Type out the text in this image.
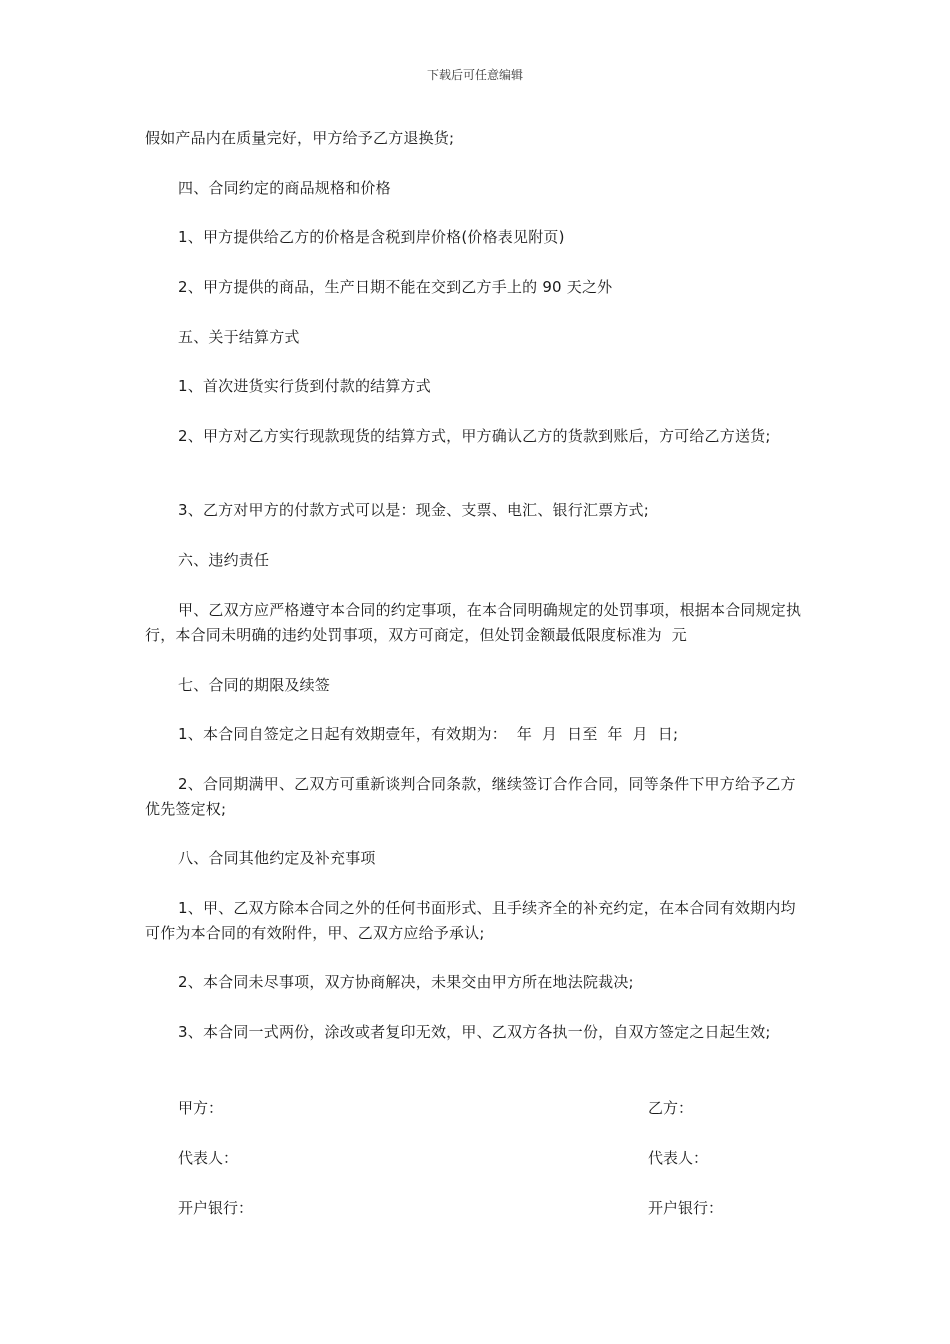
下载后可任意编辑
假如产品内在质量完好，甲方给予乙方退换货;
四、合同约定的商品规格和价格
1、甲方提供给乙方的价格是含税到岸价格(价格表见附页)
2、甲方提供的商品，生产日期不能在交到乙方手上的 90 天之外
五、关于结算方式
1、首次进货实行货到付款的结算方式
2、甲方对乙方实行现款现货的结算方式，甲方确认乙方的货款到账后，方可给乙方送货;
3、乙方对甲方的付款方式可以是：现金、支票、电汇、银行汇票方式;
六、违约责任
甲、乙双方应严格遵守本合同的约定事项，在本合同明确规定的处罚事项，根据本合同规定执行，本合同未明确的违约处罚事项，双方可商定，但处罚金额最低限度标准为  元
七、合同的期限及续签
1、本合同自签定之日起有效期壹年，有效期为：  年  月  日至  年  月  日;
2、合同期满甲、乙双方可重新谈判合同条款，继续签订合作合同，同等条件下甲方给予乙方优先签定权;
八、合同其他约定及补充事项
1、甲、乙双方除本合同之外的任何书面形式、且手续齐全的补充约定，在本合同有效期内均可作为本合同的有效附件，甲、乙双方应给予承认;
2、本合同未尽事项，双方协商解决，未果交由甲方所在地法院裁决;
3、本合同一式两份，涂改或者复印无效，甲、乙双方各执一份，自双方签定之日起生效;
甲方：	乙方：
代表人：	代表人：
开户银行：	开户银行：
